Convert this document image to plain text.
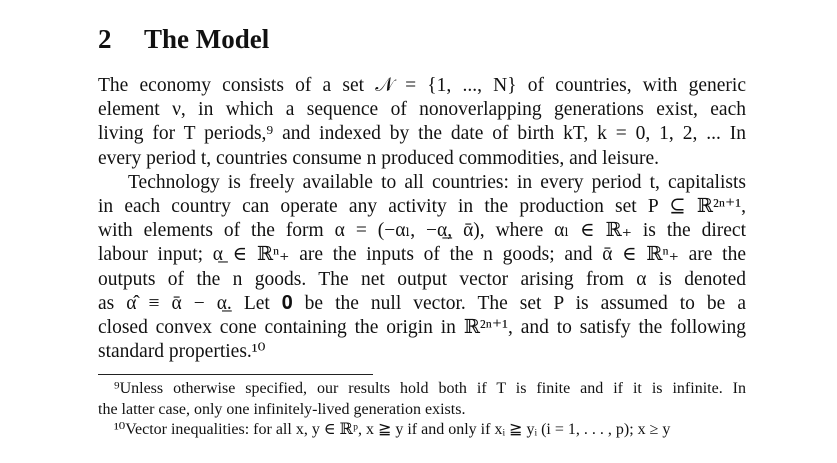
2 The Model
The economy consists of a set 𝒩 = {1, ..., N} of countries, with generic
element ν, in which a sequence of nonoverlapping generations exist, each
living for T periods,⁹ and indexed by the date of birth kT, k = 0, 1, 2, ... In
every period t, countries consume n produced commodities, and leisure.
Technology is freely available to all countries: in every period t, capitalists
in each country can operate any activity in the production set P ⊆ ℝ²ⁿ⁺¹,
with elements of the form α = (−αₗ, −α̲, ᾱ), where αₗ ∈ ℝ₊ is the direct
labour input; α̲ ∈ ℝⁿ₊ are the inputs of the n goods; and ᾱ ∈ ℝⁿ₊ are the
outputs of the n goods. The net output vector arising from α is denoted
as α̂ ≡ ᾱ − α̲. Let 𝟎 be the null vector. The set P is assumed to be a
closed convex cone containing the origin in ℝ²ⁿ⁺¹, and to satisfy the following
standard properties.¹⁰
⁹Unless otherwise specified, our results hold both if T is finite and if it is infinite. In
the latter case, only one infinitely-lived generation exists.
¹⁰Vector inequalities: for all x, y ∈ ℝᵖ, x ≧ y if and only if xᵢ ≧ yᵢ (i = 1, . . . , p); x ≥ y
